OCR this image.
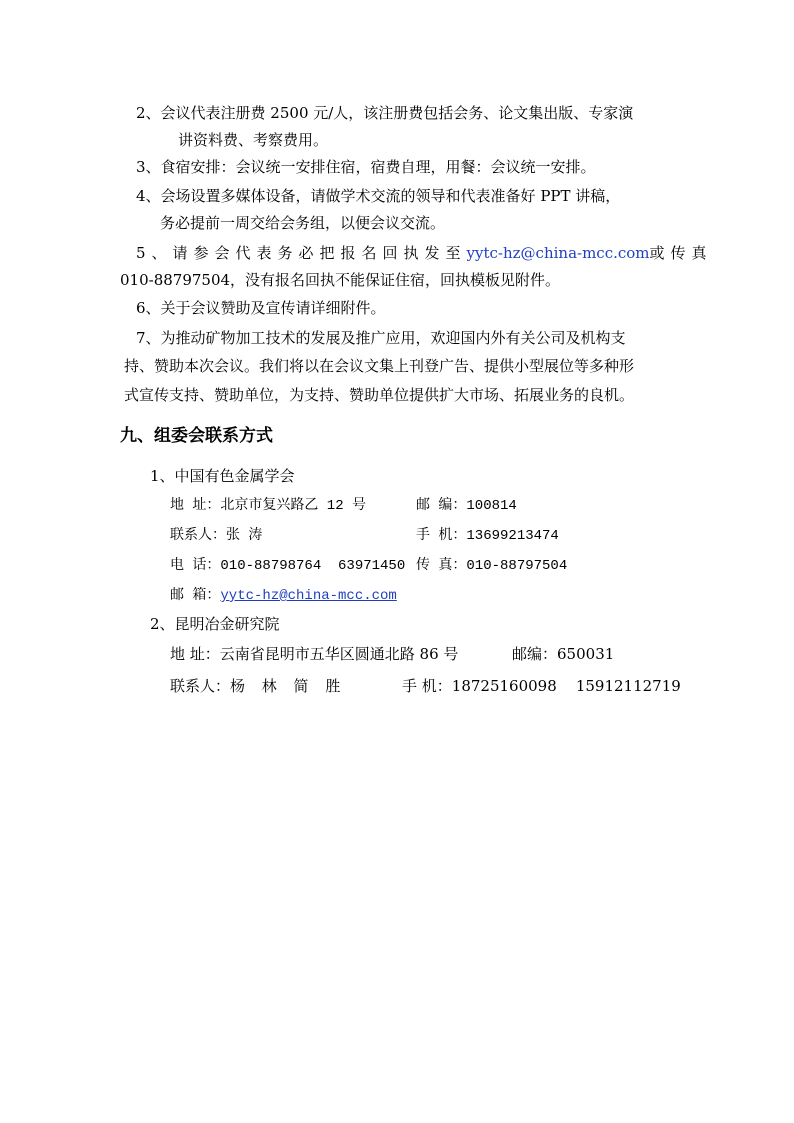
2、会议代表注册费 2500 元/人，该注册费包括会务、论文集出版、专家演
讲资料费、考察费用。
3、食宿安排：会议统一安排住宿，宿费自理，用餐：会议统一安排。
4、会场设置多媒体设备，请做学术交流的领导和代表准备好 PPT 讲稿，
务必提前一周交给会务组，以便会议交流。
5、请参会代表务必把报名回执发至 yytc-hz@china-mcc.com 或传真
010-88797504，没有报名回执不能保证住宿，回执模板见附件。
6、关于会议赞助及宣传请详细附件。
7、为推动矿物加工技术的发展及推广应用，欢迎国内外有关公司及机构支
持、赞助本次会议。我们将以在会议文集上刊登广告、提供小型展位等多种形
式宣传支持、赞助单位，为支持、赞助单位提供扩大市场、拓展业务的良机。
九、组委会联系方式
1、中国有色金属学会
地 址：北京市复兴路乙 12 号	邮 编：100814
联系人：张 涛	手 机：13699213474
电 话：010-88798764  63971450 传 真：010-88797504
邮 箱：yytc-hz@china-mcc.com
2、昆明冶金研究院
地 址：云南省昆明市五华区圆通北路 86 号	邮编：650031
联系人：杨 林 简 胜	手 机：18725160098    15912112719
